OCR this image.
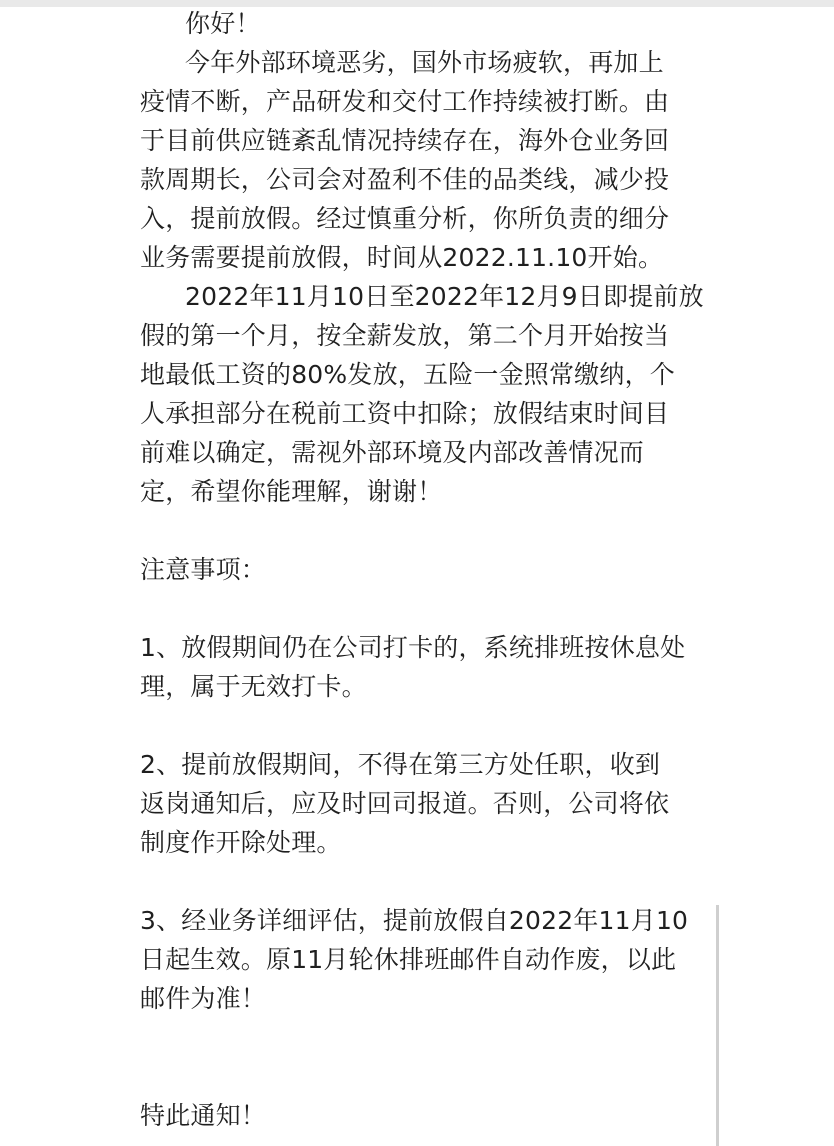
你好！

今年外部环境恶劣，国外市场疲软，再加上
疫情不断，产品研发和交付工作持续被打断。由
于目前供应链紊乱情况持续存在，海外仓业务回
款周期长，公司会对盈利不佳的品类线，减少投
入，提前放假。经过慎重分析，你所负责的细分
业务需要提前放假，时间从2022.11.10开始。
2022年11月10日至2022年12月9日即提前放
假的第一个月，按全薪发放，第二个月开始按当
地最低工资的80%发放，五险一金照常缴纳，个
人承担部分在税前工资中扣除；放假结束时间目
前难以确定，需视外部环境及内部改善情况而
定，希望你能理解，谢谢！

注意事项：

1、放假期间仍在公司打卡的，系统排班按休息处
理，属于无效打卡。
2、提前放假期间，不得在第三方处任职，收到
返岗通知后，应及时回司报道。否则，公司将依
制度作开除处理。
3、经业务详细评估，提前放假自2022年11月10
日起生效。原11月轮休排班邮件自动作废，以此
邮件为准！

特此通知！
